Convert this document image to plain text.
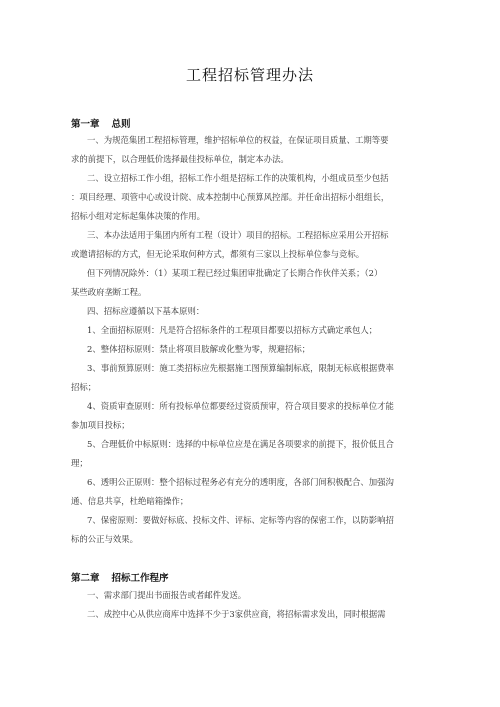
工程招标管理办法
第一章 总则
一、为规范集团工程招标管理，维护招标单位的权益，在保证项目质量、工期等要
求的前提下，以合理低价选择最佳投标单位，制定本办法。
二、设立招标工作小组，招标工作小组是招标工作的决策机构，小组成员至少包括
：项目经理、项管中心或设计院、成本控制中心预算风控部。并任命出招标小组组长，
招标小组对定标起集体决策的作用。
三、本办法适用于集团内所有工程（设计）项目的招标。工程招标应采用公开招标
或邀请招标的方式，但无论采取何种方式，都须有三家以上投标单位参与竞标。
但下列情况除外：（1）某项工程已经过集团审批确定了长期合作伙伴关系；（2）
某些政府垄断工程。
四、招标应遵循以下基本原则：
1、全面招标原则：凡是符合招标条件的工程项目都要以招标方式确定承包人；
2、整体招标原则：禁止将项目肢解或化整为零，规避招标；
3、事前预算原则：施工类招标应先根据施工图预算编制标底，限制无标底根据费率
招标；
4、资质审查原则：所有投标单位都要经过资质预审，符合项目要求的投标单位才能
参加项目投标；
5、合理低价中标原则：选择的中标单位应是在满足各项要求的前提下，报价低且合
理；
6、透明公正原则：整个招标过程务必有充分的透明度，各部门间积极配合、加强沟
通、信息共享，杜绝暗箱操作；
7、保密原则：要做好标底、投标文件、评标、定标等内容的保密工作，以防影响招
标的公正与效果。
第二章 招标工作程序
一、需求部门提出书面报告或者邮件发送。
二、成控中心从供应商库中选择不少于3家供应商，将招标需求发出，同时根据需
